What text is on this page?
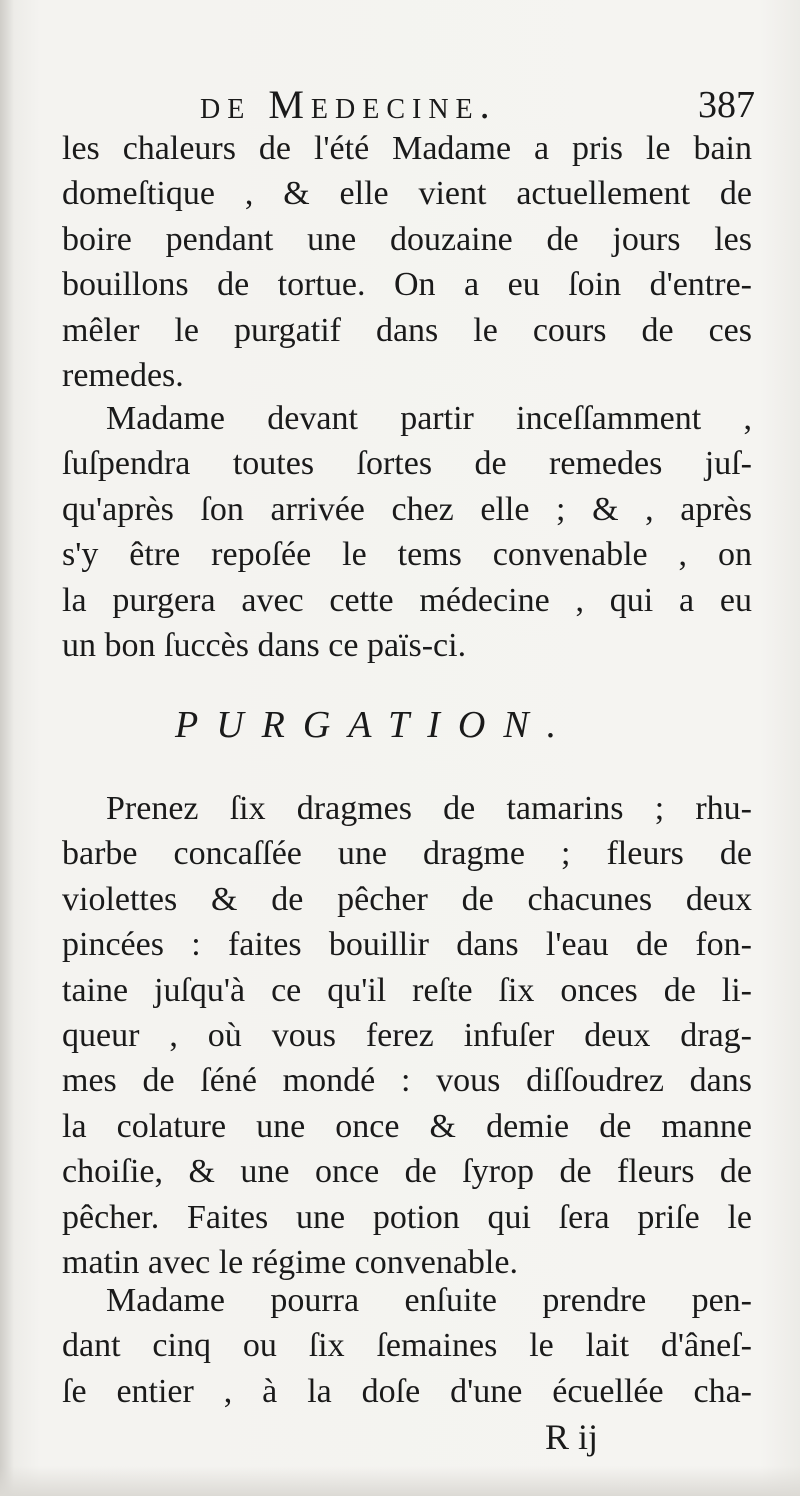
de Medecine.	387
les chaleurs de l'été Madame a pris le bain
domeſtique , & elle vient actuellement de
boire pendant une douzaine de jours les
bouillons de tortue. On a eu ſoin d'entre-
mêler le purgatif dans le cours de ces
remedes.
Madame devant partir inceſſamment ,
ſuſpendra toutes ſortes de remedes juſ-
qu'après ſon arrivée chez elle ; & , après
s'y être repoſée le tems convenable , on
la purgera avec cette médecine , qui a eu
un bon ſuccès dans ce païs-ci.
PURGATION.
Prenez ſix dragmes de tamarins ; rhu-
barbe concaſſée une dragme ; fleurs de
violettes & de pêcher de chacunes deux
pincées : faites bouillir dans l'eau de fon-
taine juſqu'à ce qu'il reſte ſix onces de li-
queur , où vous ferez infuſer deux drag-
mes de ſéné mondé : vous diſſoudrez dans
la colature une once & demie de manne
choiſie, & une once de ſyrop de fleurs de
pêcher. Faites une potion qui ſera priſe le
matin avec le régime convenable.
Madame pourra enſuite prendre pen-
dant cinq ou ſix ſemaines le lait d'âneſ-
ſe entier , à la doſe d'une écuellée cha-
R ij
